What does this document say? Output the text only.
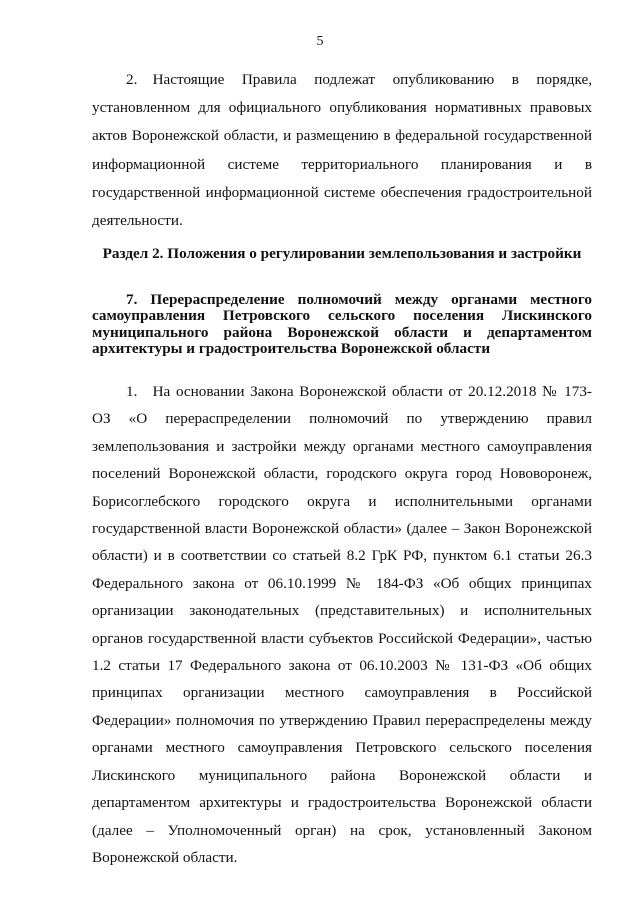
5

2. Настоящие Правила подлежат опубликованию в порядке, установленном для официального опубликования нормативных правовых актов Воронежской области, и размещению в федеральной государственной информационной системе территориального планирования и в государственной информационной системе обеспечения градостроительной деятельности.

Раздел 2. Положения о регулировании землепользования и застройки
7. Перераспределение полномочий между органами местного самоуправления Петровского сельского поселения Лискинского муниципального района Воронежской области и департаментом архитектуры и градостроительства Воронежской области

1. На основании Закона Воронежской области от 20.12.2018 № 173-ОЗ «О перераспределении полномочий по утверждению правил землепользования и застройки между органами местного самоуправления поселений Воронежской области, городского округа город Нововоронеж, Борисоглебского городского округа и исполнительными органами государственной власти Воронежской области» (далее – Закон Воронежской области) и в соответствии со статьей 8.2 ГрК РФ, пунктом 6.1 статьи 26.3 Федерального закона от 06.10.1999 № 184-ФЗ «Об общих принципах организации законодательных (представительных) и исполнительных органов государственной власти субъектов Российской Федерации», частью 1.2 статьи 17 Федерального закона от 06.10.2003 № 131-ФЗ «Об общих принципах организации местного самоуправления в Российской Федерации» полномочия по утверждению Правил перераспределены между органами местного самоуправления Петровского сельского поселения Лискинского муниципального района Воронежской области и департаментом архитектуры и градостроительства Воронежской области (далее – Уполномоченный орган) на срок, установленный Законом Воронежской области.
